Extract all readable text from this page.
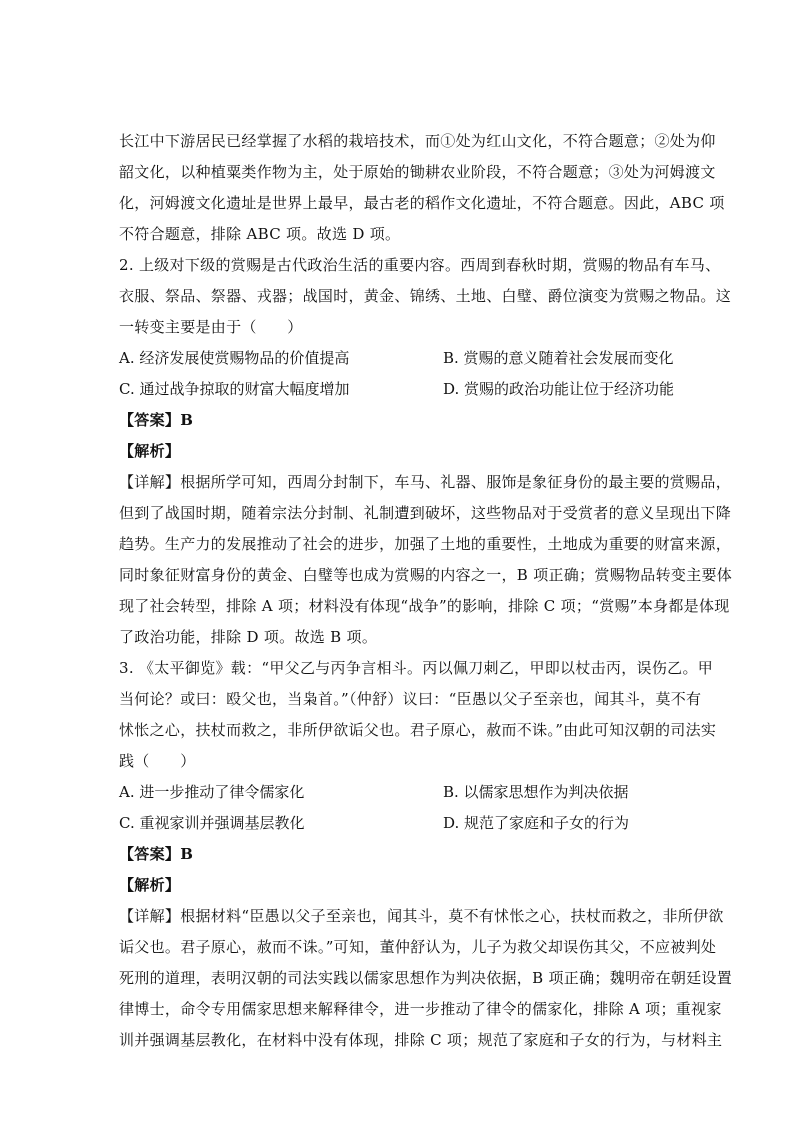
长江中下游居民已经掌握了水稻的栽培技术，而①处为红山文化，不符合题意；②处为仰
韶文化，以种植粟类作物为主，处于原始的锄耕农业阶段，不符合题意；③处为河姆渡文
化，河姆渡文化遗址是世界上最早，最古老的稻作文化遗址，不符合题意。因此，ABC 项
不符合题意，排除 ABC 项。故选 D 项。
2. 上级对下级的赏赐是古代政治生活的重要内容。西周到春秋时期，赏赐的物品有车马、
衣服、祭品、祭器、戎器；战国时，黄金、锦绣、土地、白璧、爵位演变为赏赐之物品。这
一转变主要是由于（　　）
A. 经济发展使赏赐物品的价值提高	B. 赏赐的意义随着社会发展而变化
C. 通过战争掠取的财富大幅度增加	D. 赏赐的政治功能让位于经济功能
【答案】B
【解析】
【详解】根据所学可知，西周分封制下，车马、礼器、服饰是象征身份的最主要的赏赐品，
但到了战国时期，随着宗法分封制、礼制遭到破坏，这些物品对于受赏者的意义呈现出下降
趋势。生产力的发展推动了社会的进步，加强了土地的重要性，土地成为重要的财富来源，
同时象征财富身份的黄金、白璧等也成为赏赐的内容之一，B 项正确；赏赐物品转变主要体
现了社会转型，排除 A 项；材料没有体现“战争”的影响，排除 C 项；“赏赐”本身都是体现
了政治功能，排除 D 项。故选 B 项。
3. 《太平御览》载：“甲父乙与丙争言相斗。丙以佩刀刺乙，甲即以杖击丙，误伤乙。甲
当何论？或曰：殴父也，当枭首。”（仲舒）议曰：“臣愚以父子至亲也，闻其斗，莫不有
怵怅之心，扶杖而救之，非所伊欲诟父也。君子原心，赦而不诛。”由此可知汉朝的司法实
践（　　）
A. 进一步推动了律令儒家化	B. 以儒家思想作为判决依据
C. 重视家训并强调基层教化	D. 规范了家庭和子女的行为
【答案】B
【解析】
【详解】根据材料“臣愚以父子至亲也，闻其斗，莫不有怵怅之心，扶杖而救之，非所伊欲
诟父也。君子原心，赦而不诛。”可知，董仲舒认为，儿子为救父却误伤其父，不应被判处
死刑的道理，表明汉朝的司法实践以儒家思想作为判决依据，B 项正确；魏明帝在朝廷设置
律博士，命令专用儒家思想来解释律令，进一步推动了律令的儒家化，排除 A 项；重视家
训并强调基层教化，在材料中没有体现，排除 C 项；规范了家庭和子女的行为，与材料主
